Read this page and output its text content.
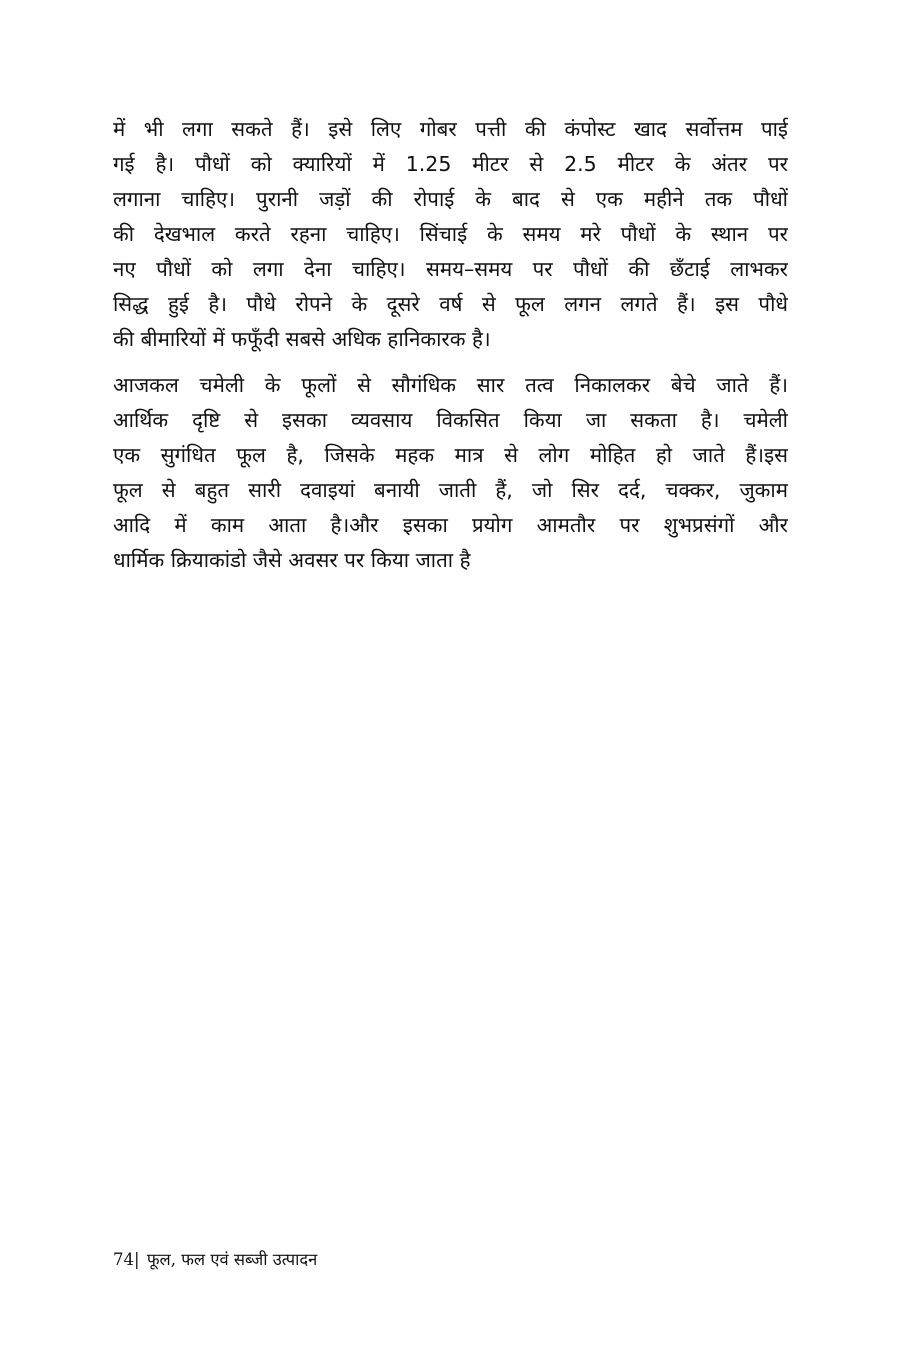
में भी लगा सकते हैं। इसे लिए गोबर पत्ती की कंपोस्ट खाद सर्वोत्तम पाई
गई है। पौधों को क्यारियों में 1.25 मीटर से 2.5 मीटर के अंतर पर
लगाना चाहिए। पुरानी जड़ों की रोपाई के बाद से एक महीने तक पौधों
की देखभाल करते रहना चाहिए। सिंचाई के समय मरे पौधों के स्थान पर
नए पौधों को लगा देना चाहिए। समय–समय पर पौधों की छँटाई लाभकर
सिद्ध हुई है। पौधे रोपने के दूसरे वर्ष से फूल लगन लगते हैं। इस पौधे
की बीमारियों में फफूँदी सबसे अधिक हानिकारक है।
आजकल चमेली के फूलों से सौगंधिक सार तत्व निकालकर बेचे जाते हैं।
आर्थिक दृष्टि से इसका व्यवसाय विकसित किया जा सकता है। चमेली
एक सुगंधित फूल है, जिसके महक मात्र से लोग मोहित हो जाते हैं।इस
फूल से बहुत सारी दवाइयां बनायी जाती हैं, जो सिर दर्द, चक्कर, जुकाम
आदि में काम आता है।और इसका प्रयोग आमतौर पर शुभप्रसंगों और
धार्मिक क्रियाकांडो जैसे अवसर पर किया जाता है
74| फूल, फल एवं सब्जी उत्पादन
